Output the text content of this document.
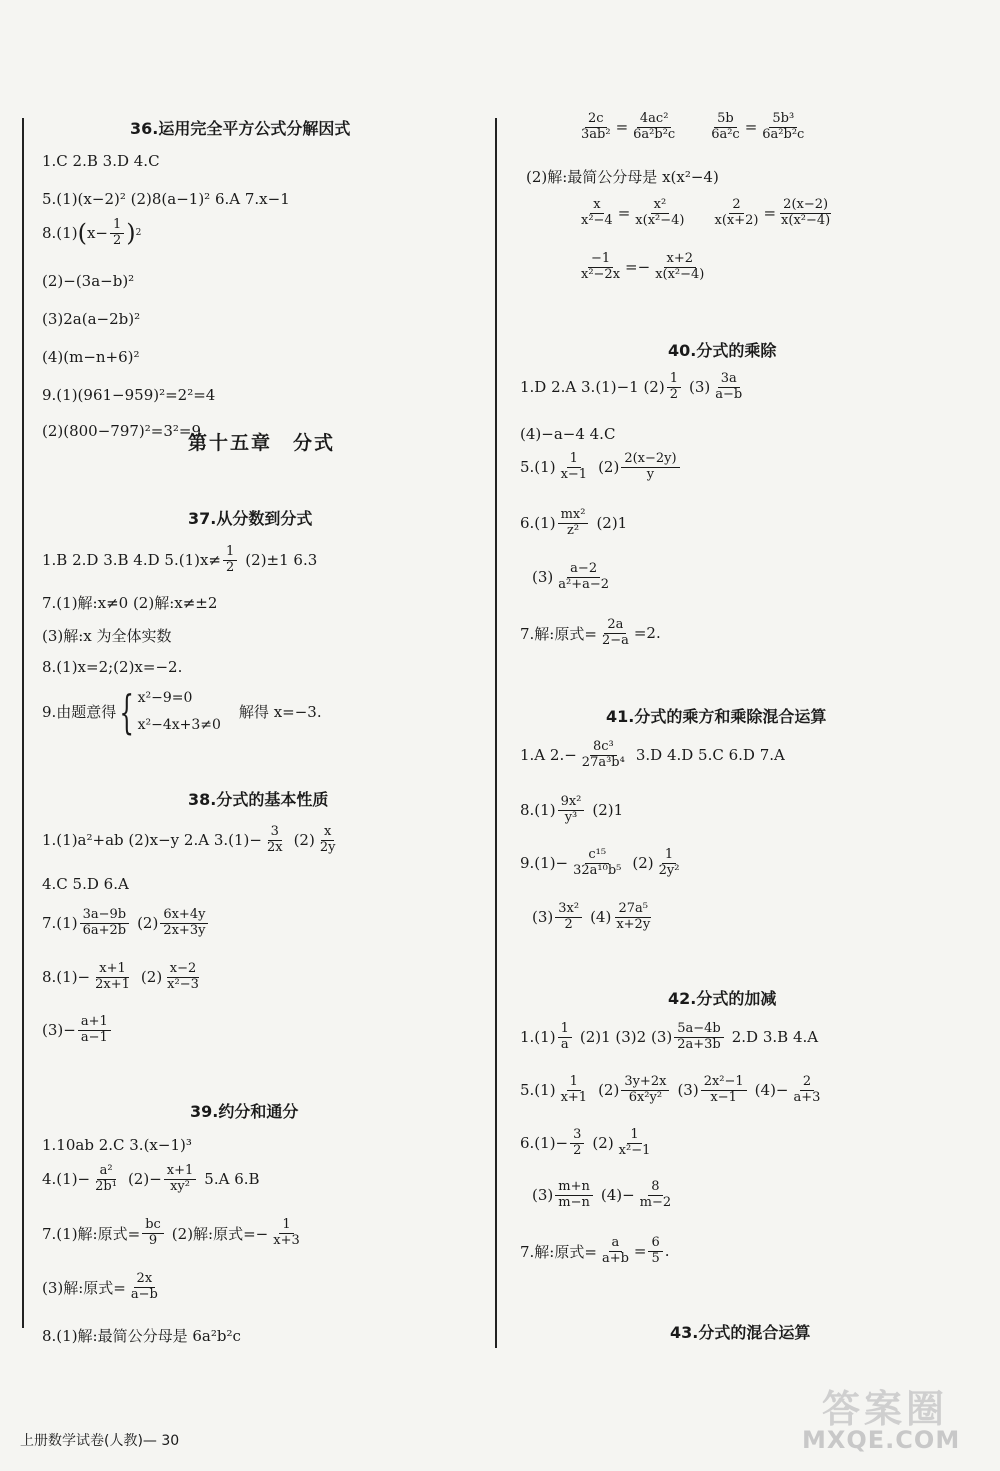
36.运用完全平方公式分解因式
1.C 2.B 3.D 4.C
5.(1)(x−2)² (2)8(a−1)² 6.A 7.x−1
8.(1) ( $x- \frac{1}{2}$ ) 2
(2)−(3a−b)²
(3)2a(a−2b)²
(4)(m−n+6)²
9.(1)(961−959)²=2²=4
(2)(800−797)²=3²=9
第十五章　分式
37.从分数到分式
1.B 2.D 3.B 4.D $5.(1)x\ne \frac{1}{2} (2)\pm 1$ 6.3
7.(1)解:x≠0 (2)解:x≠±2
(3)解:x 为全体实数
8.(1)x=2;(2)x=−2.
9.由题意得 { x²−9=0
x²−4x+3≠0
解得 x=−3.
38.分式的基本性质
1.(1)a²+ab (2)x−y 2.A $3.(1)- \frac{3}{2x} (2) \frac{x}{2y}$
4.C 5.D 6.A
$7.(1) \frac{3a-9b}{6a+2b} (2) \frac{6x+4y}{2x+3y}$
$8.(1)- \frac{x+1}{2x+1} (2) \frac{x-2}{\text{x²−3}}$
$(3)- \frac{a+1}{a-1}$
39.约分和通分
1.10ab 2.C 3.(x−1)³
$4.(1)- \frac{\text{a²}}{\text{2b¹}} (2)- \frac{x+1}{\text{xy²}} 5.A$ 6.B
7.(1)解:原式= $\frac{bc}{9} (2)$解:原式=− $\frac{1}{x+3}$
(3)解:原式= $\frac{2x}{a-b}$
8.(1)解:最简公分母是 6a²b²c
上册数学试卷(人教)— 30
$\frac{2c}{\text{3ab²}} = \frac{\text{4ac²}}{\text{6a²b²c}} \frac{5b}{\text{6a²c}} = \frac{\text{5b³}}{\text{6a²b²c}}$
(2)解:最简公分母是 x(x²−4)
$\frac{x}{\text{x²−4}} = \frac{\text{x²}}{\text{x(x²−4)}} \frac{2}{x(x+2)} = \frac{2(x-2)}{\text{x(x²−4)}}$
$\frac{-1}{\text{x²−2x}} =- \frac{x+2}{\text{x(x²−4)}}$
40.分式的乘除
1.D 2.A 3.(1)−1 $(2) \frac{1}{2} (3) \frac{3a}{a-b}$
(4)−a−4 4.C
$5.(1) \frac{1}{x-1} (2) \frac{2(x-2y)}{y}$
$6.(1) \frac{\text{mx²}}{\text{z²}} (2)1$
$(3) \frac{a-2}{\text{a²+a−2}}$
7.解:原式= $\frac{2a}{2-a} =2$.
41.分式的乘方和乘除混合运算
1.A $2.- \frac{\text{8c³}}{\text{27a³b⁴}} 3.D$ 4.D 5.C 6.D 7.A
$8.(1) \frac{\text{9x²}}{\text{y³}} (2)1$
$9.(1)- \frac{\text{c¹⁵}}{\text{32a¹⁰b⁵}} (2) \frac{1}{\text{2y²}}$
$(3) \frac{\text{3x²}}{2} (4) \frac{\text{27a⁵}}{x+2y}$
42.分式的加减
$1.(1) \frac{1}{a} (2)1$ (3)2 $(3) \frac{5a-4b}{2a+3b} 2.D$ 3.B 4.A
$5.(1) \frac{1}{x+1} (2) \frac{3y+2x}{\text{6x²y²}} (3) \frac{\text{2x²−1}}{x-1} (4)- \frac{2}{a+3}$
$6.(1)- \frac{3}{2} (2) \frac{1}{\text{x²−1}}$
$(3) \frac{m+n}{m-n} (4)- \frac{8}{m-2}$
7.解:原式= $\frac{a}{a+b} = \frac{6}{5}$ .
43.分式的混合运算
答案圈
MXQE.COM
